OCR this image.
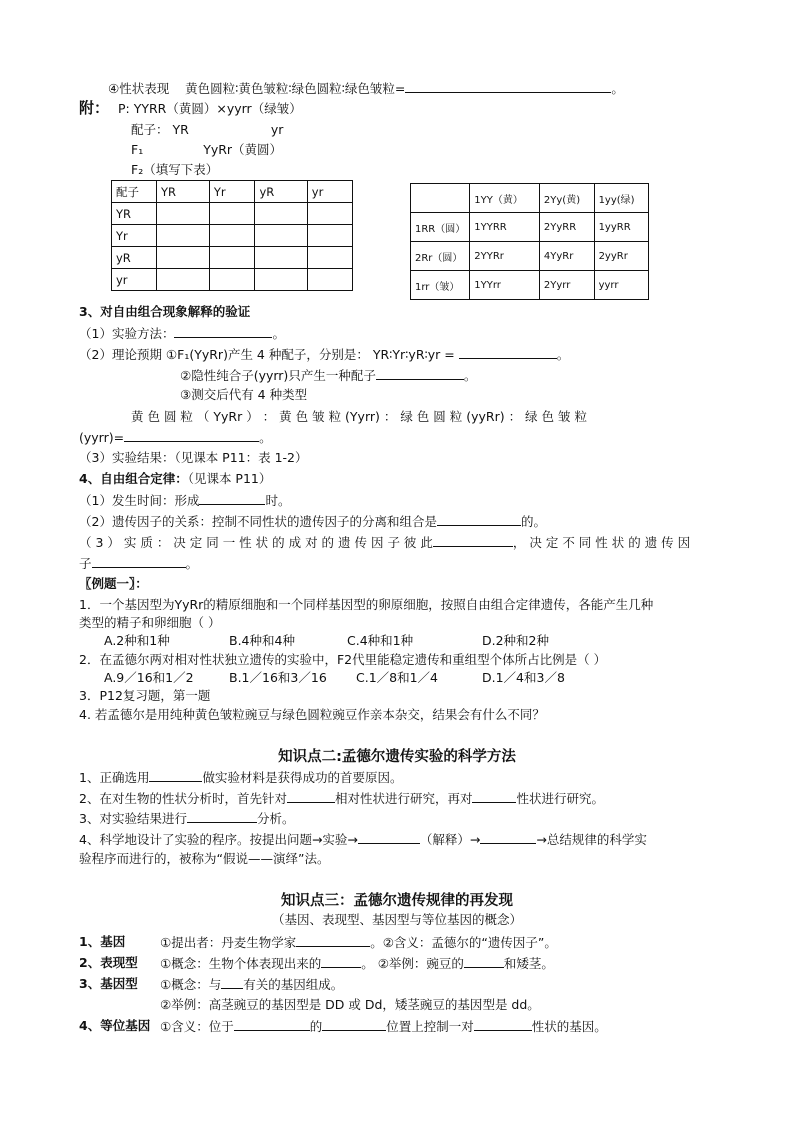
④性状表现 黄色圆粒∶黄色皱粒∶绿色圆粒∶绿色皱粒=	。
附： P: YYRR（黄圆）×yyrr（绿皱）
配子： YR	yr
F₁	YyRr（黄圆）
F₂（填写下表）
配子	YR	Yr	yR	yr
YR				
Yr				
yR				
yr				
	1YY（黄）	2Yy(黄)	1yy(绿)
1RR（圆）	1YYRR	2YyRR	1yyRR
2Rr（圆）	2YYRr	4YyRr	2yyRr
1rr（皱）	1YYrr	2Yyrr	yyrr
3、对自由组合现象解释的验证
（1）实验方法：	。
（2）理论预期 ①F₁(YyRr)产生 4 种配子，分别是： YR∶Yr∶yR∶yr =	。
②隐性纯合子(yyrr)只产生一种配子	。
③测交后代有 4 种类型
黄 色 圆 粒 （ YyRr ） ： 黄 色 皱 粒 (Yyrr) ： 绿 色 圆 粒 (yyRr) ： 绿 色 皱 粒
(yyrr)=	。
（3）实验结果：（见课本 P11：表 1-2）
4、自由组合定律：（见课本 P11）
（1）发生时间：形成	时。
（2）遗传因子的关系：控制不同性状的遗传因子的分离和组合是	的。
（ 3 ） 实 质 ： 决 定 同 一 性 状 的 成 对 的 遗 传 因 子 彼 此	， 决 定 不 同 性 状 的 遗 传 因
子	。
〖例题一〗：
1．一个基因型为YyRr的精原细胞和一个同样基因型的卵原细胞，按照自由组合定律遗传，各能产生几种
类型的精子和卵细胞（ ）
A.2种和1种	B.4种和4种	C.4种和1种	D.2种和2种
2．在孟德尔两对相对性状独立遗传的实验中，F2代里能稳定遗传和重组型个体所占比例是（ ）
A.9／16和1／2	B.1／16和3／16 C.1／8和1／4	D.1／4和3／8
3．P12复习题，第一题
4. 若孟德尔是用纯种黄色皱粒豌豆与绿色圆粒豌豆作亲本杂交，结果会有什么不同？
知识点二:孟德尔遗传实验的科学方法
1、正确选用	做实验材料是获得成功的首要原因。
2、在对生物的性状分析时，首先针对	相对性状进行研究，再对	性状进行研究。
3、对实验结果进行	分析。
4、科学地设计了实验的程序。按提出问题→实验→	（解释）→	→总结规律的科学实
验程序而进行的，被称为“假说——演绎”法。
知识点三：孟德尔遗传规律的再发现
（基因、表现型、基因型与等位基因的概念）
1、基因	①提出者：丹麦生物学家	。②含义：孟德尔的“遗传因子”。
2、表现型 ①概念：生物个体表现出来的	。 ②举例：豌豆的	和矮茎。
3、基因型 ①概念：与 有关的基因组成。
②举例：高茎豌豆的基因型是 DD 或 Dd，矮茎豌豆的基因型是 dd。
4、等位基因 ①含义：位于	的	位置上控制一对	性状的基因。
